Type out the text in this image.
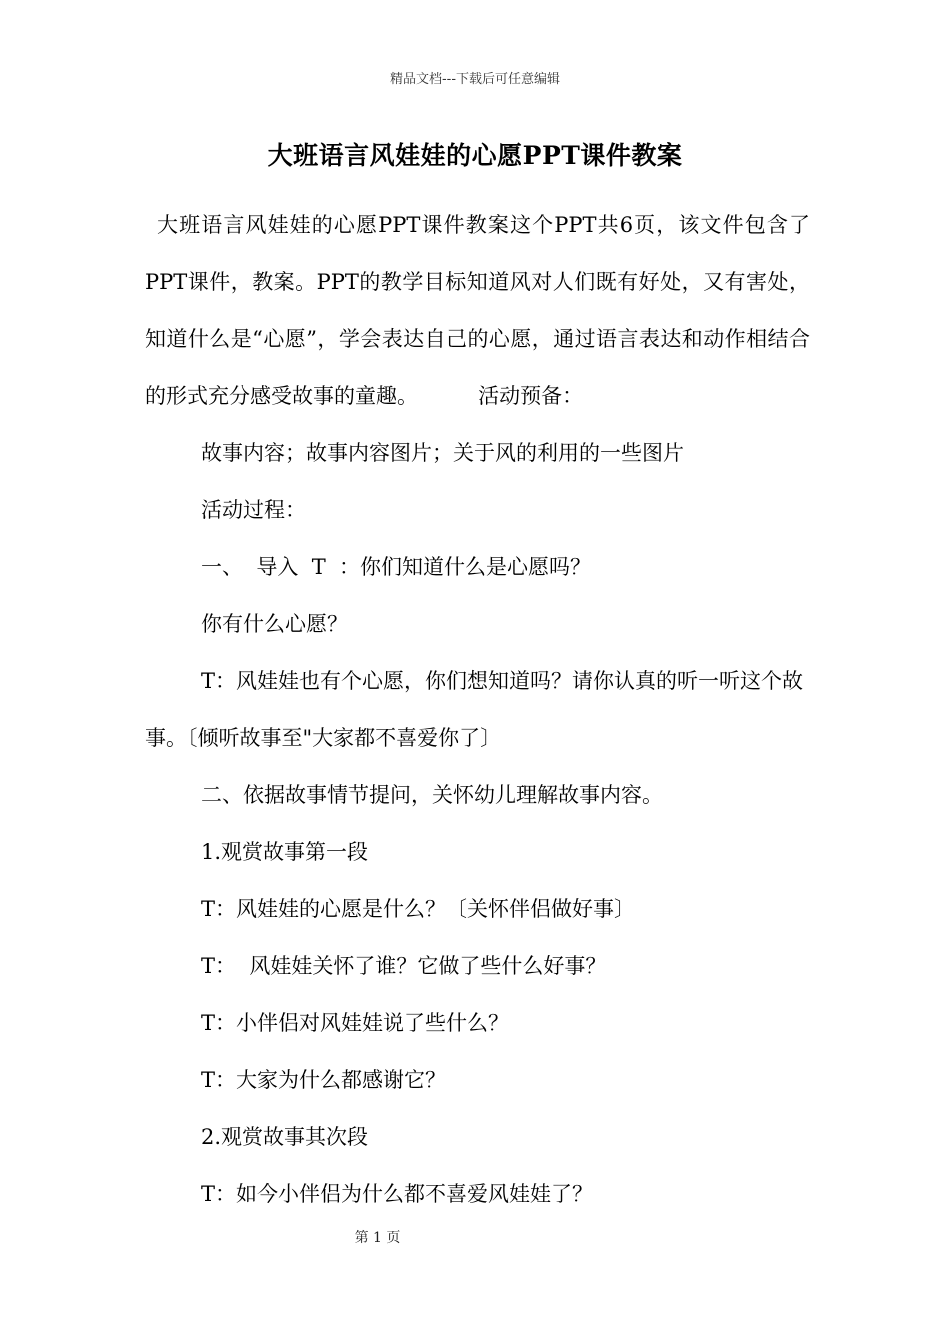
精品文档---下载后可任意编辑
大班语言风娃娃的心愿PPT课件教案

大班语言风娃娃的心愿PPT课件教案这个PPT共6页，该文件包含了PPT课件，教案。PPT的教学目标知道风对人们既有好处，又有害处，知道什么是“心愿”，学会表达自己的心愿，通过语言表达和动作相结合的形式充分感受故事的童趣。         活动预备：

故事内容；故事内容图片；关于风的利用的一些图片

活动过程：

一、  导入  T  ：你们知道什么是心愿吗？

你有什么心愿？

T：风娃娃也有个心愿，你们想知道吗？请你认真的听一听这个故事。〔倾听故事至"大家都不喜爱你了〕

二、依据故事情节提问，关怀幼儿理解故事内容。

1.观赏故事第一段

T：风娃娃的心愿是什么？〔关怀伴侣做好事〕

T：  风娃娃关怀了谁？它做了些什么好事？

T：小伴侣对风娃娃说了些什么？

T：大家为什么都感谢它？

2.观赏故事其次段

T：如今小伴侣为什么都不喜爱风娃娃了？

第 1 页
